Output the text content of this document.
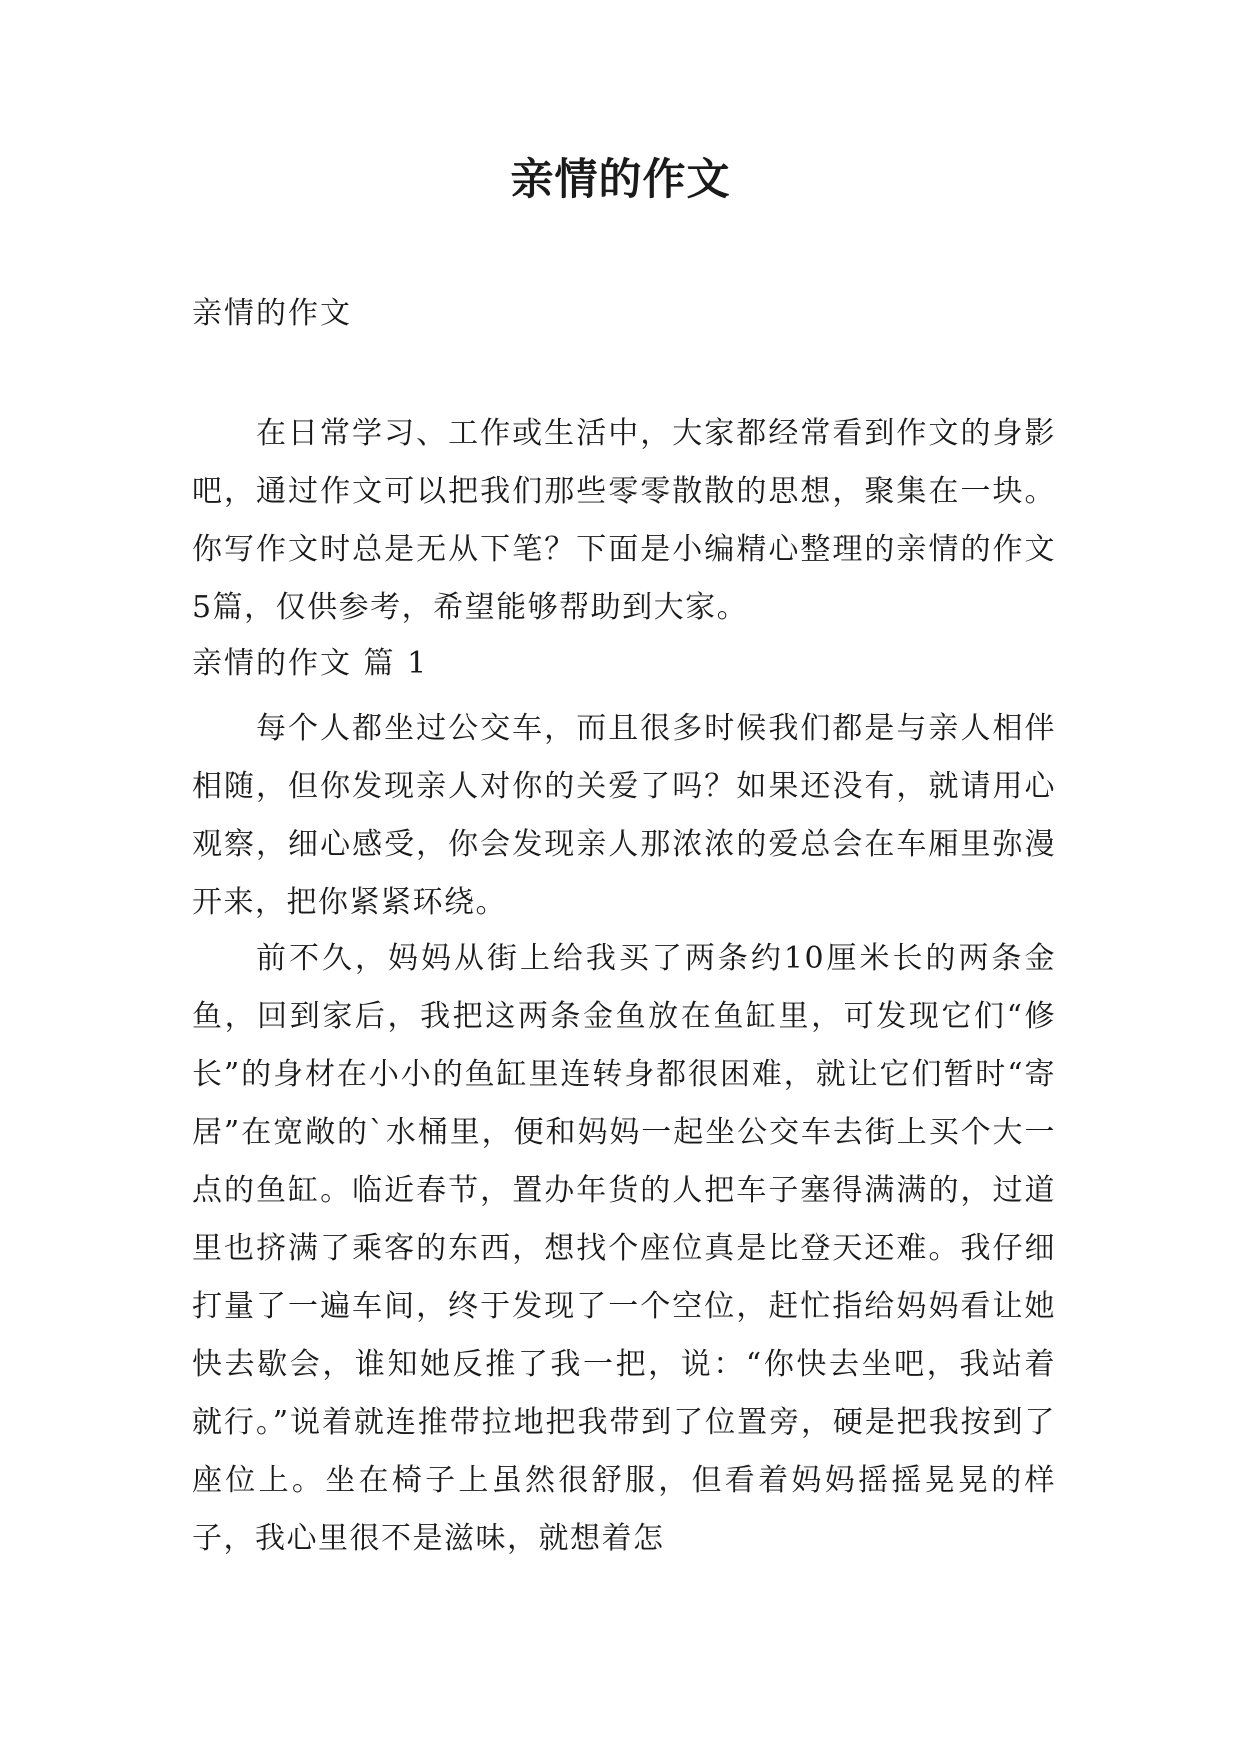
亲情的作文

亲情的作文

在日常学习、工作或生活中，大家都经常看到作文的身影吧，通过作文可以把我们那些零零散散的思想，聚集在一块。你写作文时总是无从下笔？下面是小编精心整理的亲情的作文5篇，仅供参考，希望能够帮助到大家。

亲情的作文 篇 1

每个人都坐过公交车，而且很多时候我们都是与亲人相伴相随，但你发现亲人对你的关爱了吗？如果还没有，就请用心观察，细心感受，你会发现亲人那浓浓的爱总会在车厢里弥漫开来，把你紧紧环绕。

前不久，妈妈从街上给我买了两条约10厘米长的两条金鱼，回到家后，我把这两条金鱼放在鱼缸里，可发现它们“修长”的身材在小小的鱼缸里连转身都很困难，就让它们暂时“寄居”在宽敞的`水桶里，便和妈妈一起坐公交车去街上买个大一点的鱼缸。临近春节，置办年货的人把车子塞得满满的，过道里也挤满了乘客的东西，想找个座位真是比登天还难。我仔细打量了一遍车间，终于发现了一个空位，赶忙指给妈妈看让她快去歇会，谁知她反推了我一把，说：“你快去坐吧，我站着就行。”说着就连推带拉地把我带到了位置旁，硬是把我按到了座位上。坐在椅子上虽然很舒服，但看着妈妈摇摇晃晃的样子，我心里很不是滋味，就想着怎
